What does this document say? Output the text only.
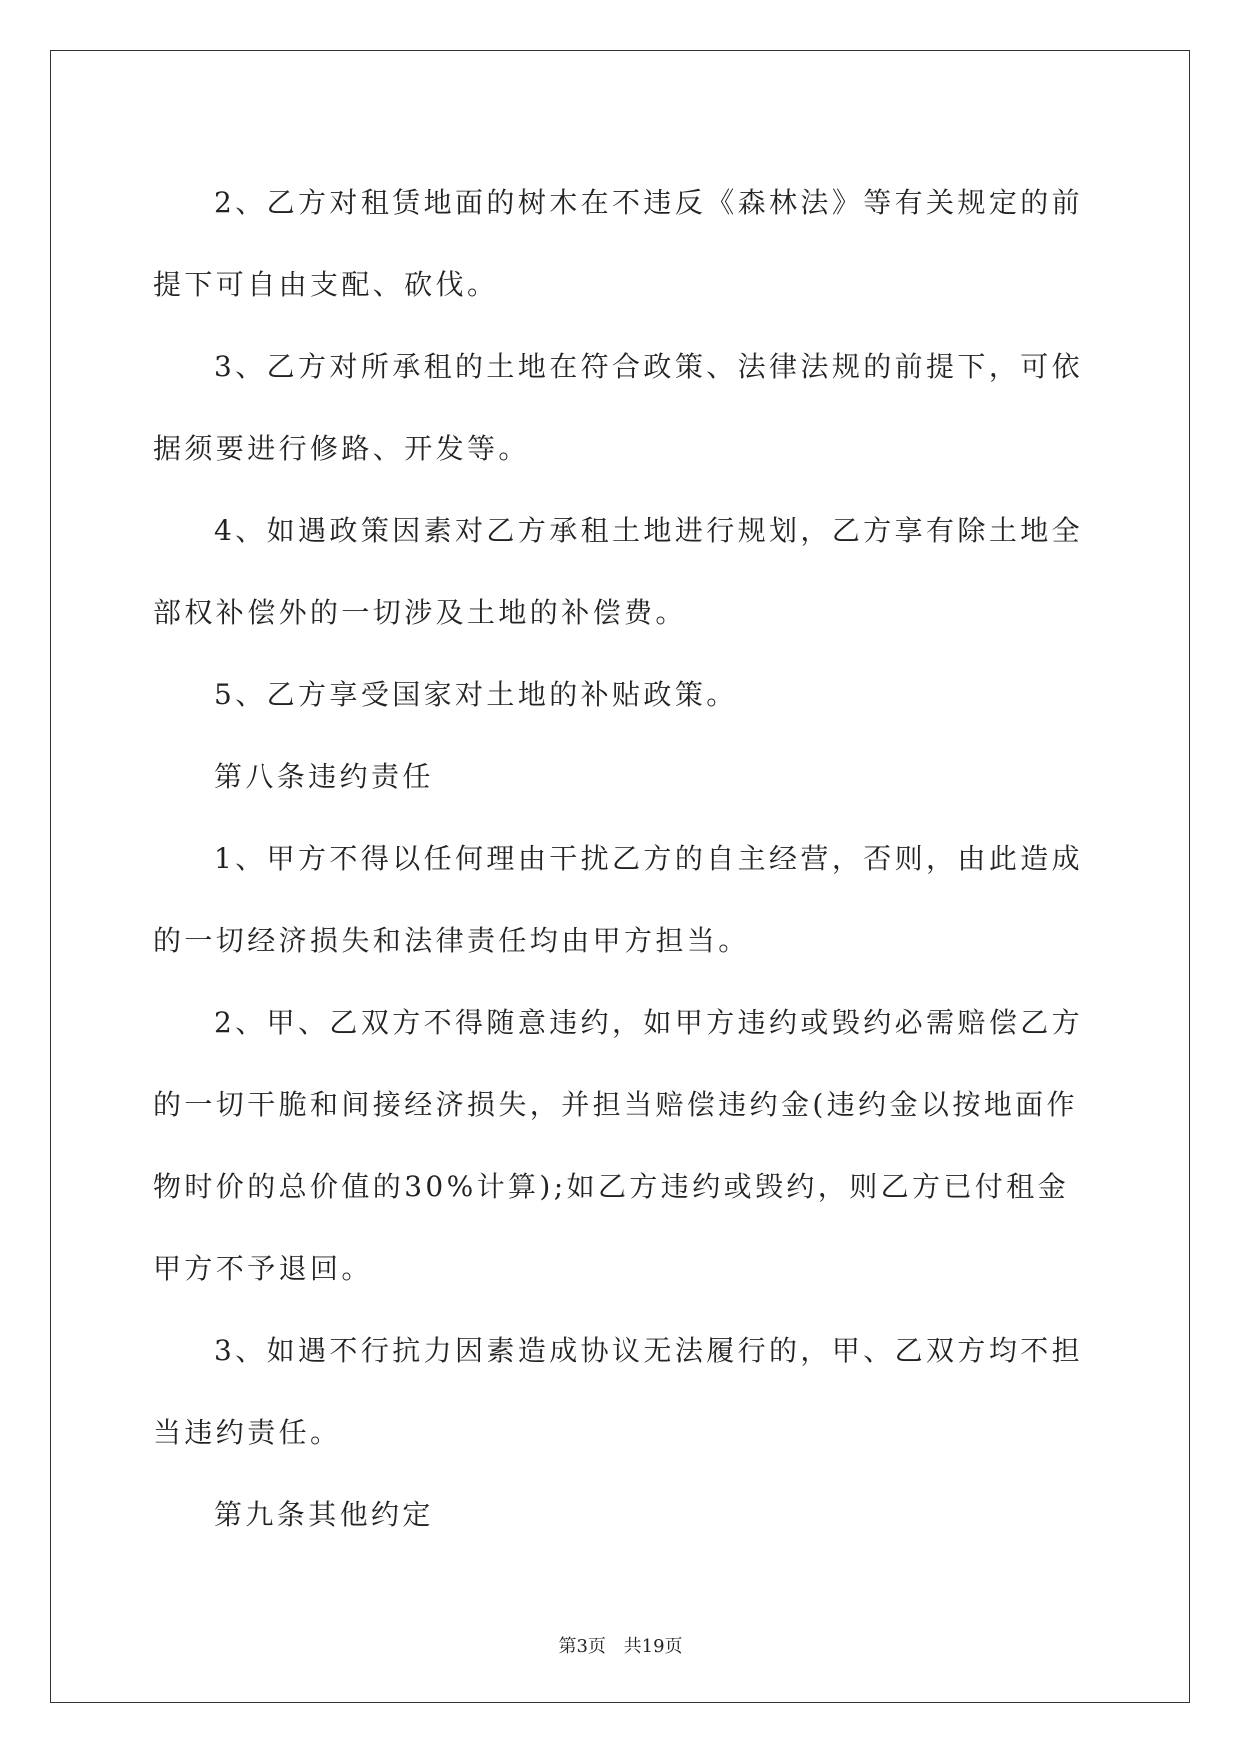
2、乙方对租赁地面的树木在不违反《森林法》等有关规定的前提下可自由支配、砍伐。

3、乙方对所承租的土地在符合政策、法律法规的前提下，可依据须要进行修路、开发等。

4、如遇政策因素对乙方承租土地进行规划，乙方享有除土地全部权补偿外的一切涉及土地的补偿费。

5、乙方享受国家对土地的补贴政策。

第八条违约责任

1、甲方不得以任何理由干扰乙方的自主经营，否则，由此造成的一切经济损失和法律责任均由甲方担当。

2、甲、乙双方不得随意违约，如甲方违约或毁约必需赔偿乙方的一切干脆和间接经济损失，并担当赔偿违约金(违约金以按地面作物时价的总价值的30%计算);如乙方违约或毁约，则乙方已付租金甲方不予退回。

3、如遇不行抗力因素造成协议无法履行的，甲、乙双方均不担当违约责任。

第九条其他约定

第3页 共19页
